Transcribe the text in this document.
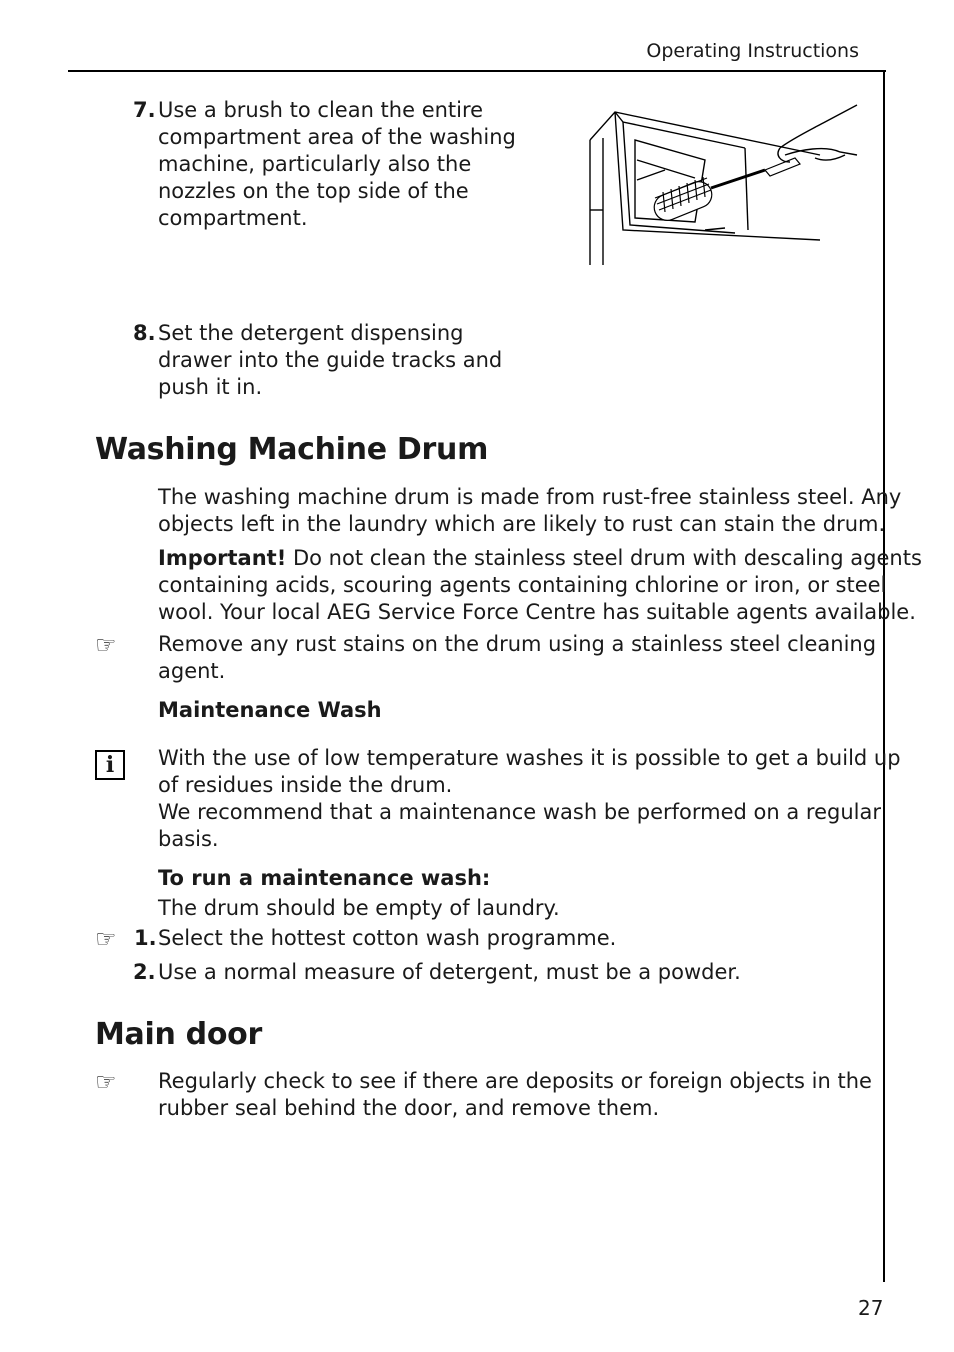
Operating Instructions
7. Use a brush to clean the entire
compartment area of the washing
machine, particularly also the
nozzles on the top side of the
compartment.
8. Set the detergent dispensing
drawer into the guide tracks and
push it in.
Washing Machine Drum
The washing machine drum is made from rust-free stainless steel. Any
objects left in the laundry which are likely to rust can stain the drum.
Important! Do not clean the stainless steel drum with descaling agents
containing acids, scouring agents containing chlorine or iron, or steel
wool. Your local AEG Service Force Centre has suitable agents available.
☞ Remove any rust stains on the drum using a stainless steel cleaning
agent.
Maintenance Wash
i	With the use of low temperature washes it is possible to get a build up
of residues inside the drum.
We recommend that a maintenance wash be performed on a regular
basis.
To run a maintenance wash:
The drum should be empty of laundry.
☞ 1. Select the hottest cotton wash programme.
2. Use a normal measure of detergent, must be a powder.
Main door
☞ Regularly check to see if there are deposits or foreign objects in the
rubber seal behind the door, and remove them.
27
